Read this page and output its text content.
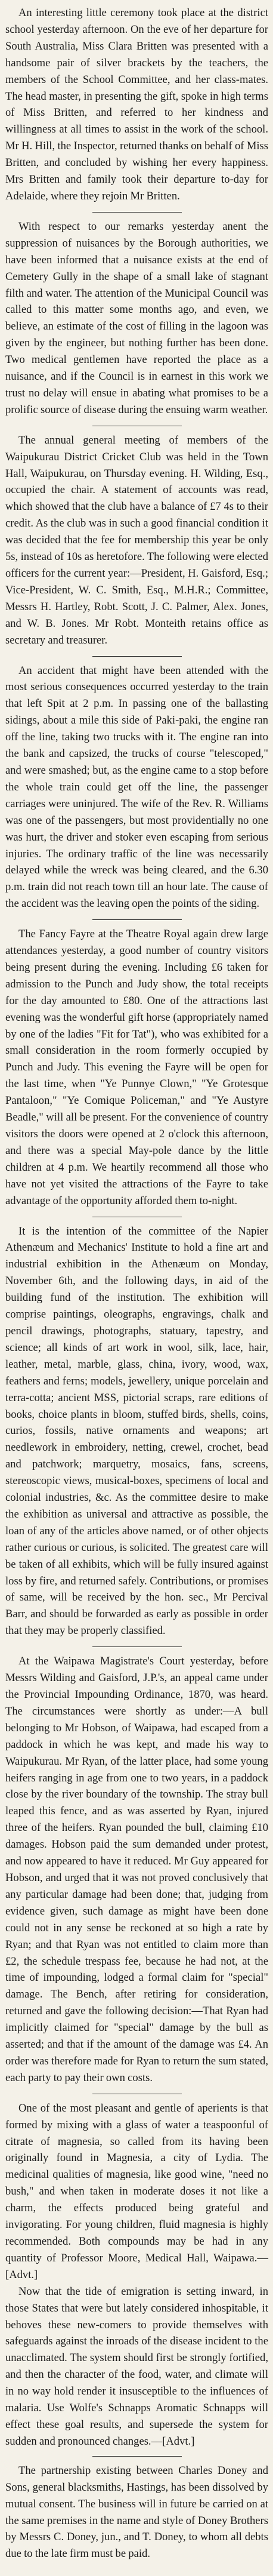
An interesting little ceremony took place at the district school yesterday afternoon. On the eve of her departure for South Australia, Miss Clara Britten was presented with a handsome pair of silver brackets by the teachers, the members of the School Committee, and her class-mates. The head master, in presenting the gift, spoke in high terms of Miss Britten, and referred to her kindness and willingness at all times to assist in the work of the school. Mr H. Hill, the Inspector, returned thanks on behalf of Miss Britten, and concluded by wishing her every happiness. Mrs Britten and family took their departure to-day for Adelaide, where they rejoin Mr Britten.

With respect to our remarks yesterday anent the suppression of nuisances by the Borough authorities, we have been informed that a nuisance exists at the end of Cemetery Gully in the shape of a small lake of stagnant filth and water. The attention of the Municipal Council was called to this matter some months ago, and even, we believe, an estimate of the cost of filling in the lagoon was given by the engineer, but nothing further has been done. Two medical gentlemen have reported the place as a nuisance, and if the Council is in earnest in this work we trust no delay will ensue in abating what promises to be a prolific source of disease during the ensuing warm weather.

The annual general meeting of members of the Waipukurau District Cricket Club was held in the Town Hall, Waipukurau, on Thursday evening. H. Wilding, Esq., occupied the chair. A statement of accounts was read, which showed that the club have a balance of £7 4s to their credit. As the club was in such a good financial condition it was decided that the fee for membership this year be only 5s, instead of 10s as heretofore. The following were elected officers for the current year:—President, H. Gaisford, Esq.; Vice-President, W. C. Smith, Esq., M.H.R.; Committee, Messrs H. Hartley, Robt. Scott, J. C. Palmer, Alex. Jones, and W. B. Jones. Mr Robt. Monteith retains office as secretary and treasurer.

An accident that might have been attended with the most serious consequences occurred yesterday to the train that left Spit at 2 p.m. In passing one of the ballasting sidings, about a mile this side of Paki-paki, the engine ran off the line, taking two trucks with it. The engine ran into the bank and capsized, the trucks of course "telescoped," and were smashed; but, as the engine came to a stop before the whole train could get off the line, the passenger carriages were uninjured. The wife of the Rev. R. Williams was one of the passengers, but most providentially no one was hurt, the driver and stoker even escaping from serious injuries. The ordinary traffic of the line was necessarily delayed while the wreck was being cleared, and the 6.30 p.m. train did not reach town till an hour late. The cause of the accident was the leaving open the points of the siding.

The Fancy Fayre at the Theatre Royal again drew large attendances yesterday, a good number of country visitors being present during the evening. Including £6 taken for admission to the Punch and Judy show, the total receipts for the day amounted to £80. One of the attractions last evening was the wonderful gift horse (appropriately named by one of the ladies "Fit for Tat"), who was exhibited for a small consideration in the room formerly occupied by Punch and Judy. This evening the Fayre will be open for the last time, when "Ye Punnye Clown," "Ye Grotesque Pantaloon," "Ye Comique Policeman," and "Ye Austyre Beadle," will all be present. For the convenience of country visitors the doors were opened at 2 o'clock this afternoon, and there was a special May-pole dance by the little children at 4 p.m. We heartily recommend all those who have not yet visited the attractions of the Fayre to take advantage of the opportunity afforded them to-night.

It is the intention of the committee of the Napier Athenæum and Mechanics' Institute to hold a fine art and industrial exhibition in the Athenæum on Monday, November 6th, and the following days, in aid of the building fund of the institution. The exhibition will comprise paintings, oleographs, engravings, chalk and pencil drawings, photographs, statuary, tapestry, and science; all kinds of art work in wool, silk, lace, hair, leather, metal, marble, glass, china, ivory, wood, wax, feathers and ferns; models, jewellery, unique porcelain and terra-cotta; ancient MSS, pictorial scraps, rare editions of books, choice plants in bloom, stuffed birds, shells, coins, curios, fossils, native ornaments and weapons; art needlework in embroidery, netting, crewel, crochet, bead and patchwork; marquetry, mosaics, fans, screens, stereoscopic views, musical-boxes, specimens of local and colonial industries, &c. As the committee desire to make the exhibition as universal and attractive as possible, the loan of any of the articles above named, or of other objects rather curious or curious, is solicited. The greatest care will be taken of all exhibits, which will be fully insured against loss by fire, and returned safely. Contributions, or promises of same, will be received by the hon. sec., Mr Percival Barr, and should be forwarded as early as possible in order that they may be properly classified.

At the Waipawa Magistrate's Court yesterday, before Messrs Wilding and Gaisford, J.P.'s, an appeal came under the Provincial Impounding Ordinance, 1870, was heard. The circumstances were shortly as under:—A bull belonging to Mr Hobson, of Waipawa, had escaped from a paddock in which he was kept, and made his way to Waipukurau. Mr Ryan, of the latter place, had some young heifers ranging in age from one to two years, in a paddock close by the river boundary of the township. The stray bull leaped this fence, and as was asserted by Ryan, injured three of the heifers. Ryan pounded the bull, claiming £10 damages. Hobson paid the sum demanded under protest, and now appeared to have it reduced. Mr Guy appeared for Hobson, and urged that it was not proved conclusively that any particular damage had been done; that, judging from evidence given, such damage as might have been done could not in any sense be reckoned at so high a rate by Ryan; and that Ryan was not entitled to claim more than £2, the schedule trespass fee, because he had not, at the time of impounding, lodged a formal claim for "special" damage. The Bench, after retiring for consideration, returned and gave the following decision:—That Ryan had implicitly claimed for "special" damage by the bull as asserted; and that if the amount of the damage was £4. An order was therefore made for Ryan to return the sum stated, each party to pay their own costs.

One of the most pleasant and gentle of aperients is that formed by mixing with a glass of water a teaspoonful of citrate of magnesia, so called from its having been originally found in Magnesia, a city of Lydia. The medicinal qualities of magnesia, like good wine, "need no bush," and when taken in moderate doses it not like a charm, the effects produced being grateful and invigorating. For young children, fluid magnesia is highly recommended. Both compounds may be had in any quantity of Professor Moore, Medical Hall, Waipawa.—[Advt.]

Now that the tide of emigration is setting inward, in those States that were but lately considered inhospitable, it behoves these new-comers to provide themselves with safeguards against the inroads of the disease incident to the unacclimated. The system should first be strongly fortified, and then the character of the food, water, and climate will in no way hold render it insusceptible to the influences of malaria. Use Wolfe's Schnapps Aromatic Schnapps will effect these goal results, and supersede the system for sudden and pronounced changes.—[Advt.]

The partnership existing between Charles Doney and Sons, general blacksmiths, Hastings, has been dissolved by mutual consent. The business will in future be carried on at the same premises in the name and style of Doney Brothers by Messrs C. Doney, jun., and T. Doney, to whom all debts due to the late firm must be paid.
